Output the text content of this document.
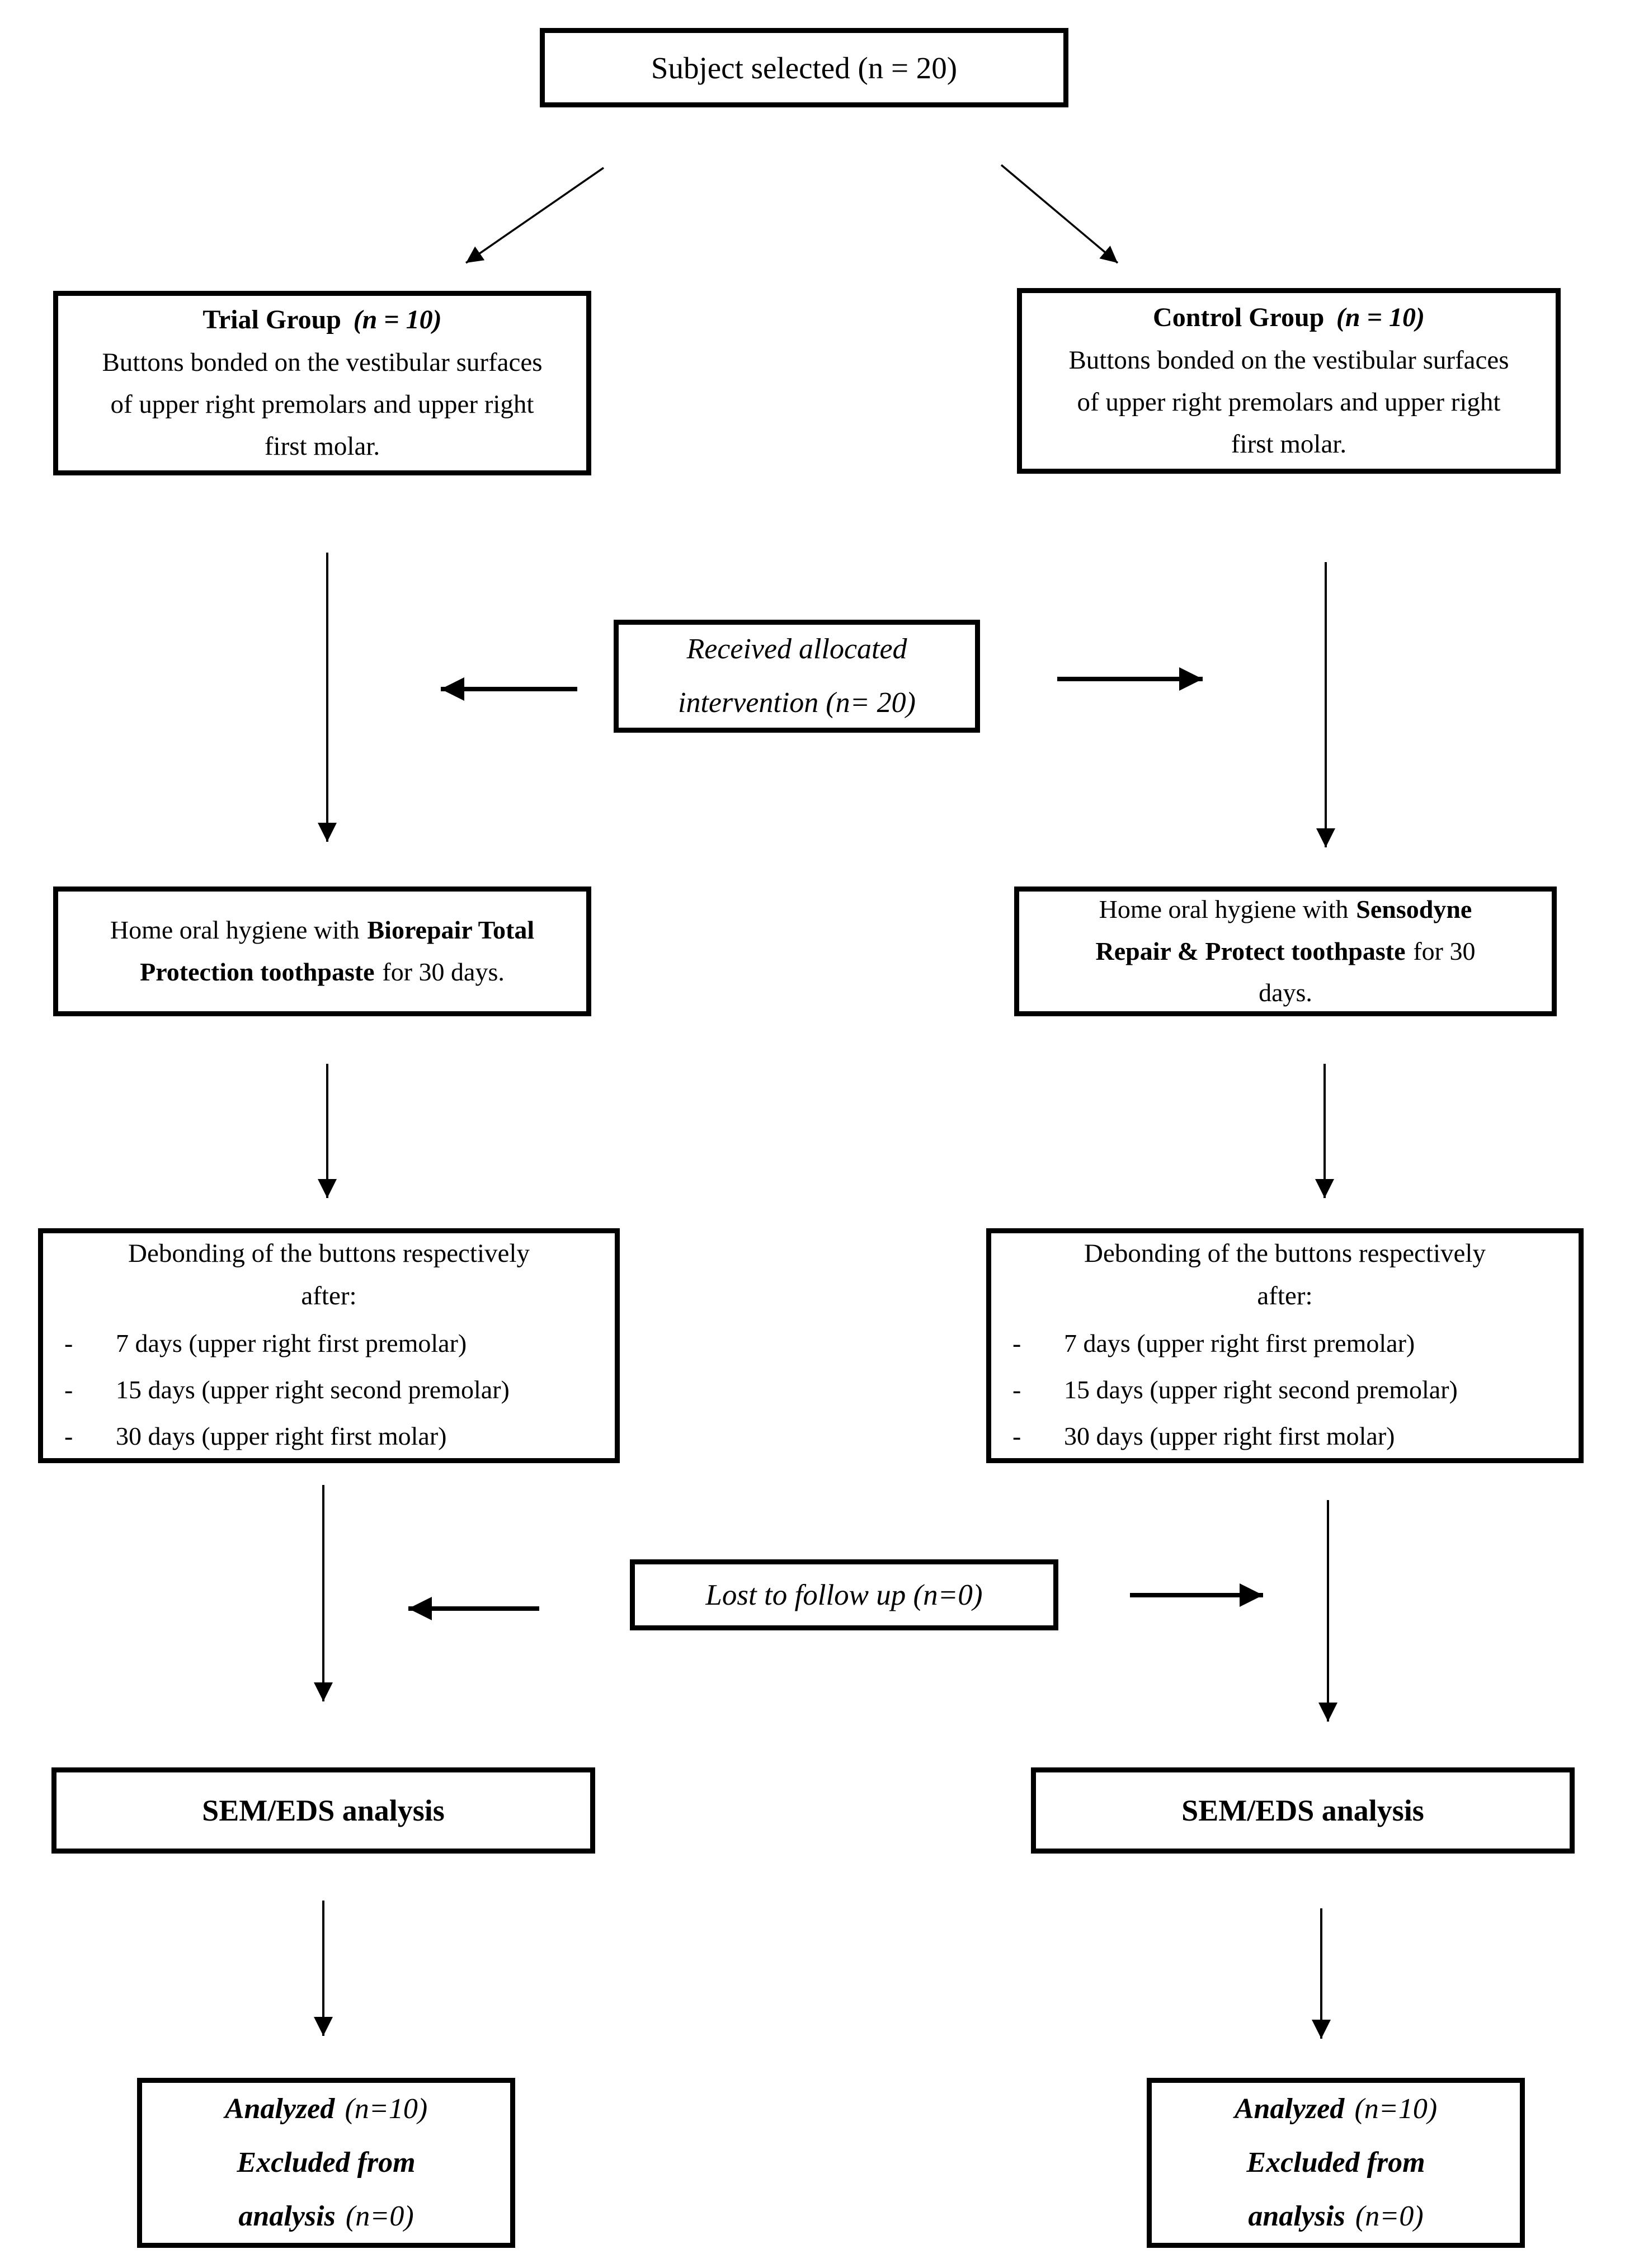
Subject selected (n = 20)
Trial Group (n = 10)
Buttons bonded on the vestibular surfaces of upper right premolars and upper right first molar.
Control Group (n = 10)
Buttons bonded on the vestibular surfaces of upper right premolars and upper right first molar.
Received allocated intervention (n= 20)
Home oral hygiene with Biorepair Total Protection toothpaste for 30 days.
Home oral hygiene with Sensodyne Repair & Protect toothpaste for 30 days.
Debonding of the buttons respectively
after:
-	7 days (upper right first premolar)
-	15 days (upper right second premolar)
-	30 days (upper right first molar)
Debonding of the buttons respectively
after:
-	7 days (upper right first premolar)
-	15 days (upper right second premolar)
-	30 days (upper right first molar)
Lost to follow up (n=0)
SEM/EDS analysis	SEM/EDS analysis
Analyzed (n=10)
Excluded from
analysis (n=0)
Analyzed (n=10)
Excluded from
analysis (n=0)
